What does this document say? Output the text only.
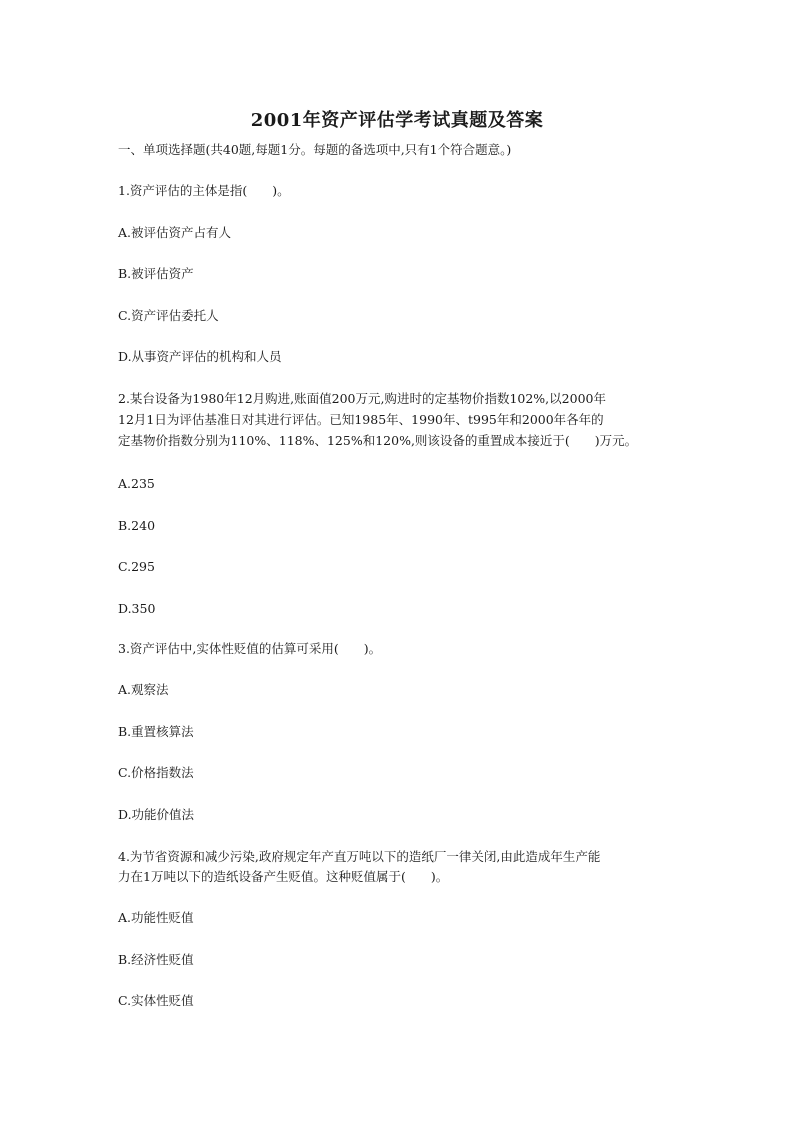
2001年资产评估学考试真题及答案
一、单项选择题(共40题,每题1分。每题的备选项中,只有1个符合题意。)
1.资产评估的主体是指(　　)。
A.被评估资产占有人
B.被评估资产
C.资产评估委托人
D.从事资产评估的机构和人员
2.某台设备为1980年12月购进,账面值200万元,购进时的定基物价指数102%,以2000年
12月1日为评估基准日对其进行评估。已知1985年、1990年、t995年和2000年各年的
定基物价指数分别为110%、118%、125%和120%,则该设备的重置成本接近于(　　)万元。
A.235
B.240
C.295
D.350
3.资产评估中,实体性贬值的估算可采用(　　)。
A.观察法
B.重置核算法
C.价格指数法
D.功能价值法
4.为节省资源和减少污染,政府规定年产直万吨以下的造纸厂一律关闭,由此造成年生产能
力在1万吨以下的造纸设备产生贬值。这种贬值属于(　　)。
A.功能性贬值
B.经济性贬值
C.实体性贬值
